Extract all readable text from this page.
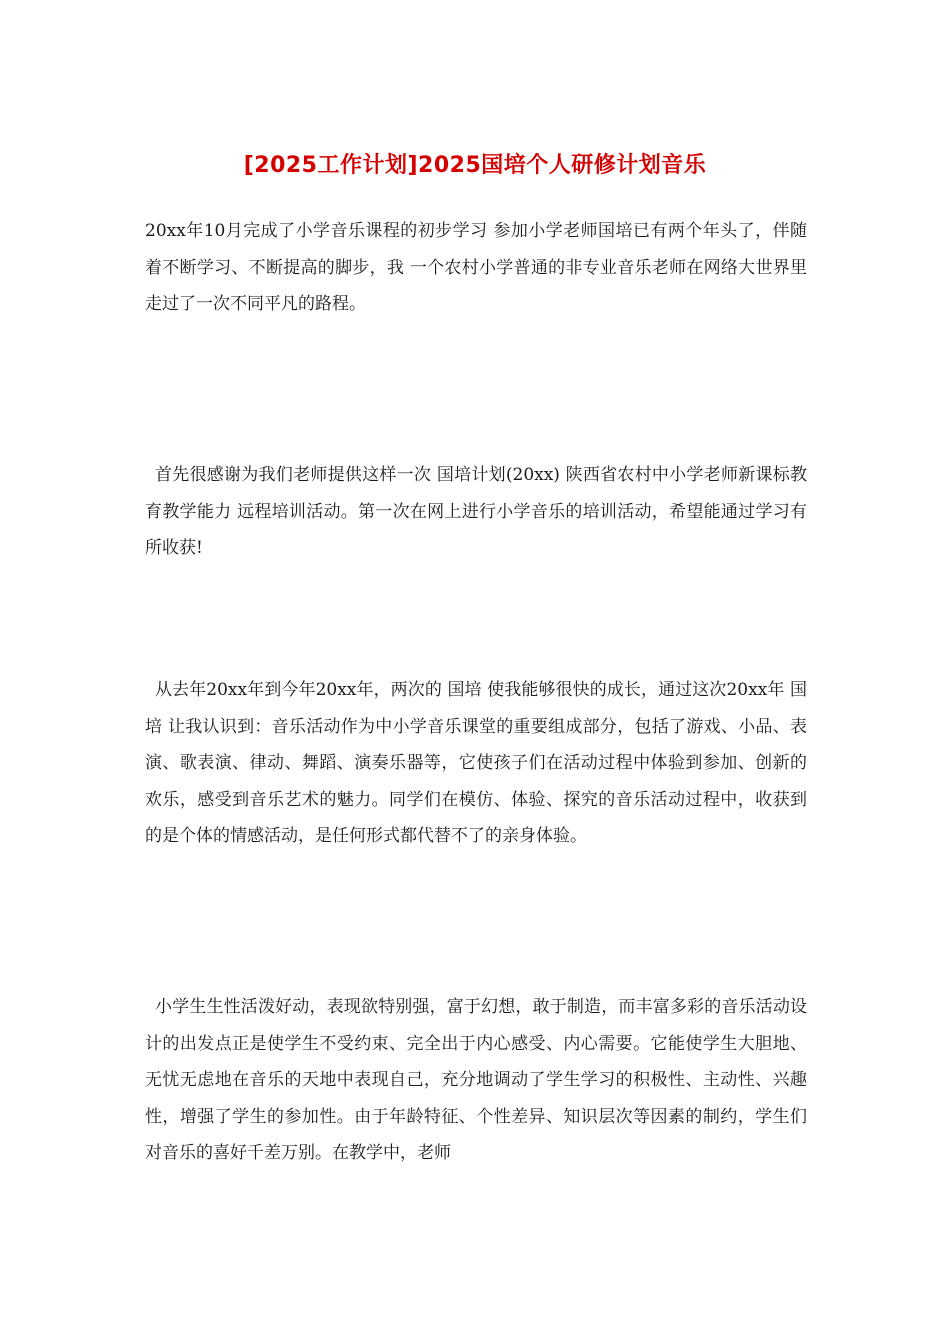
[2025工作计划]2025国培个人研修计划音乐

20xx年10月完成了小学音乐课程的初步学习 参加小学老师国培已有两个年头了，伴随着不断学习、不断提高的脚步，我 一个农村小学普通的非专业音乐老师在网络大世界里走过了一次不同平凡的路程。

首先很感谢为我们老师提供这样一次 国培计划(20xx) 陕西省农村中小学老师新课标教育教学能力 远程培训活动。第一次在网上进行小学音乐的培训活动，希望能通过学习有所收获!

从去年20xx年到今年20xx年，两次的 国培 使我能够很快的成长，通过这次20xx年 国培 让我认识到：音乐活动作为中小学音乐课堂的重要组成部分，包括了游戏、小品、表演、歌表演、律动、舞蹈、演奏乐器等，它使孩子们在活动过程中体验到参加、创新的欢乐，感受到音乐艺术的魅力。同学们在模仿、体验、探究的音乐活动过程中，收获到的是个体的情感活动，是任何形式都代替不了的亲身体验。

小学生生性活泼好动，表现欲特别强，富于幻想，敢于制造，而丰富多彩的音乐活动设计的出发点正是使学生不受约束、完全出于内心感受、内心需要。它能使学生大胆地、无忧无虑地在音乐的天地中表现自己，充分地调动了学生学习的积极性、主动性、兴趣性，增强了学生的参加性。由于年龄特征、个性差异、知识层次等因素的制约，学生们对音乐的喜好千差万别。在教学中，老师
